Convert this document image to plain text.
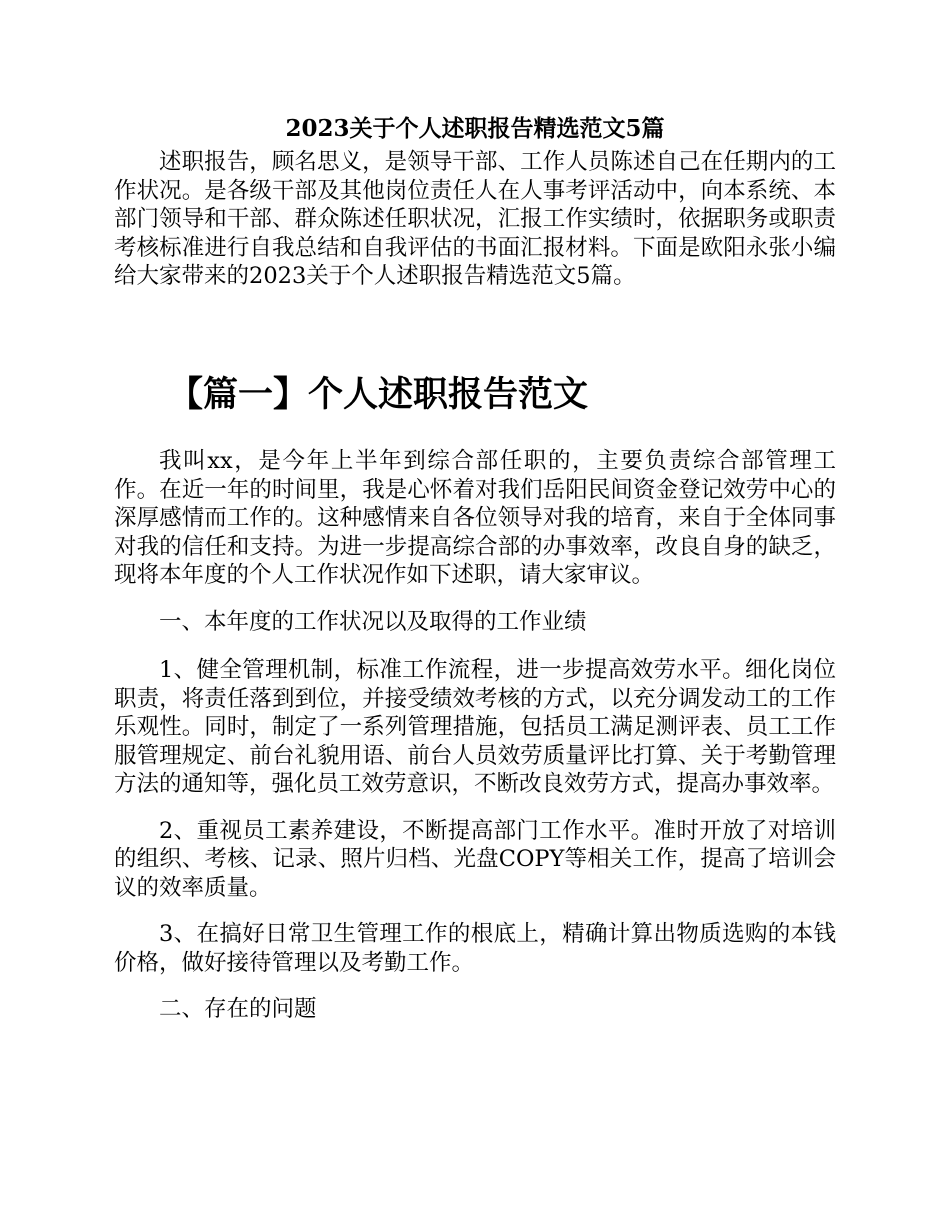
2023关于个人述职报告精选范文5篇

述职报告，顾名思义，是领导干部、工作人员陈述自己在任期内的工作状况。是各级干部及其他岗位责任人在人事考评活动中，向本系统、本部门领导和干部、群众陈述任职状况，汇报工作实绩时，依据职务或职责考核标准进行自我总结和自我评估的书面汇报材料。下面是欧阳永张小编给大家带来的2023关于个人述职报告精选范文5篇。

【篇一】个人述职报告范文

我叫xx，是今年上半年到综合部任职的，主要负责综合部管理工作。在近一年的时间里，我是心怀着对我们岳阳民间资金登记效劳中心的深厚感情而工作的。这种感情来自各位领导对我的培育，来自于全体同事对我的信任和支持。为进一步提高综合部的办事效率，改良自身的缺乏，现将本年度的个人工作状况作如下述职，请大家审议。

一、本年度的工作状况以及取得的工作业绩

1、健全管理机制，标准工作流程，进一步提高效劳水平。细化岗位职责，将责任落到到位，并接受绩效考核的方式，以充分调发动工的工作乐观性。同时，制定了一系列管理措施，包括员工满足测评表、员工工作服管理规定、前台礼貌用语、前台人员效劳质量评比打算、关于考勤管理方法的通知等，强化员工效劳意识，不断改良效劳方式，提高办事效率。

2、重视员工素养建设，不断提高部门工作水平。准时开放了对培训的组织、考核、记录、照片归档、光盘COPY等相关工作，提高了培训会议的效率质量。

3、在搞好日常卫生管理工作的根底上，精确计算出物质选购的本钱价格，做好接待管理以及考勤工作。

二、存在的问题
